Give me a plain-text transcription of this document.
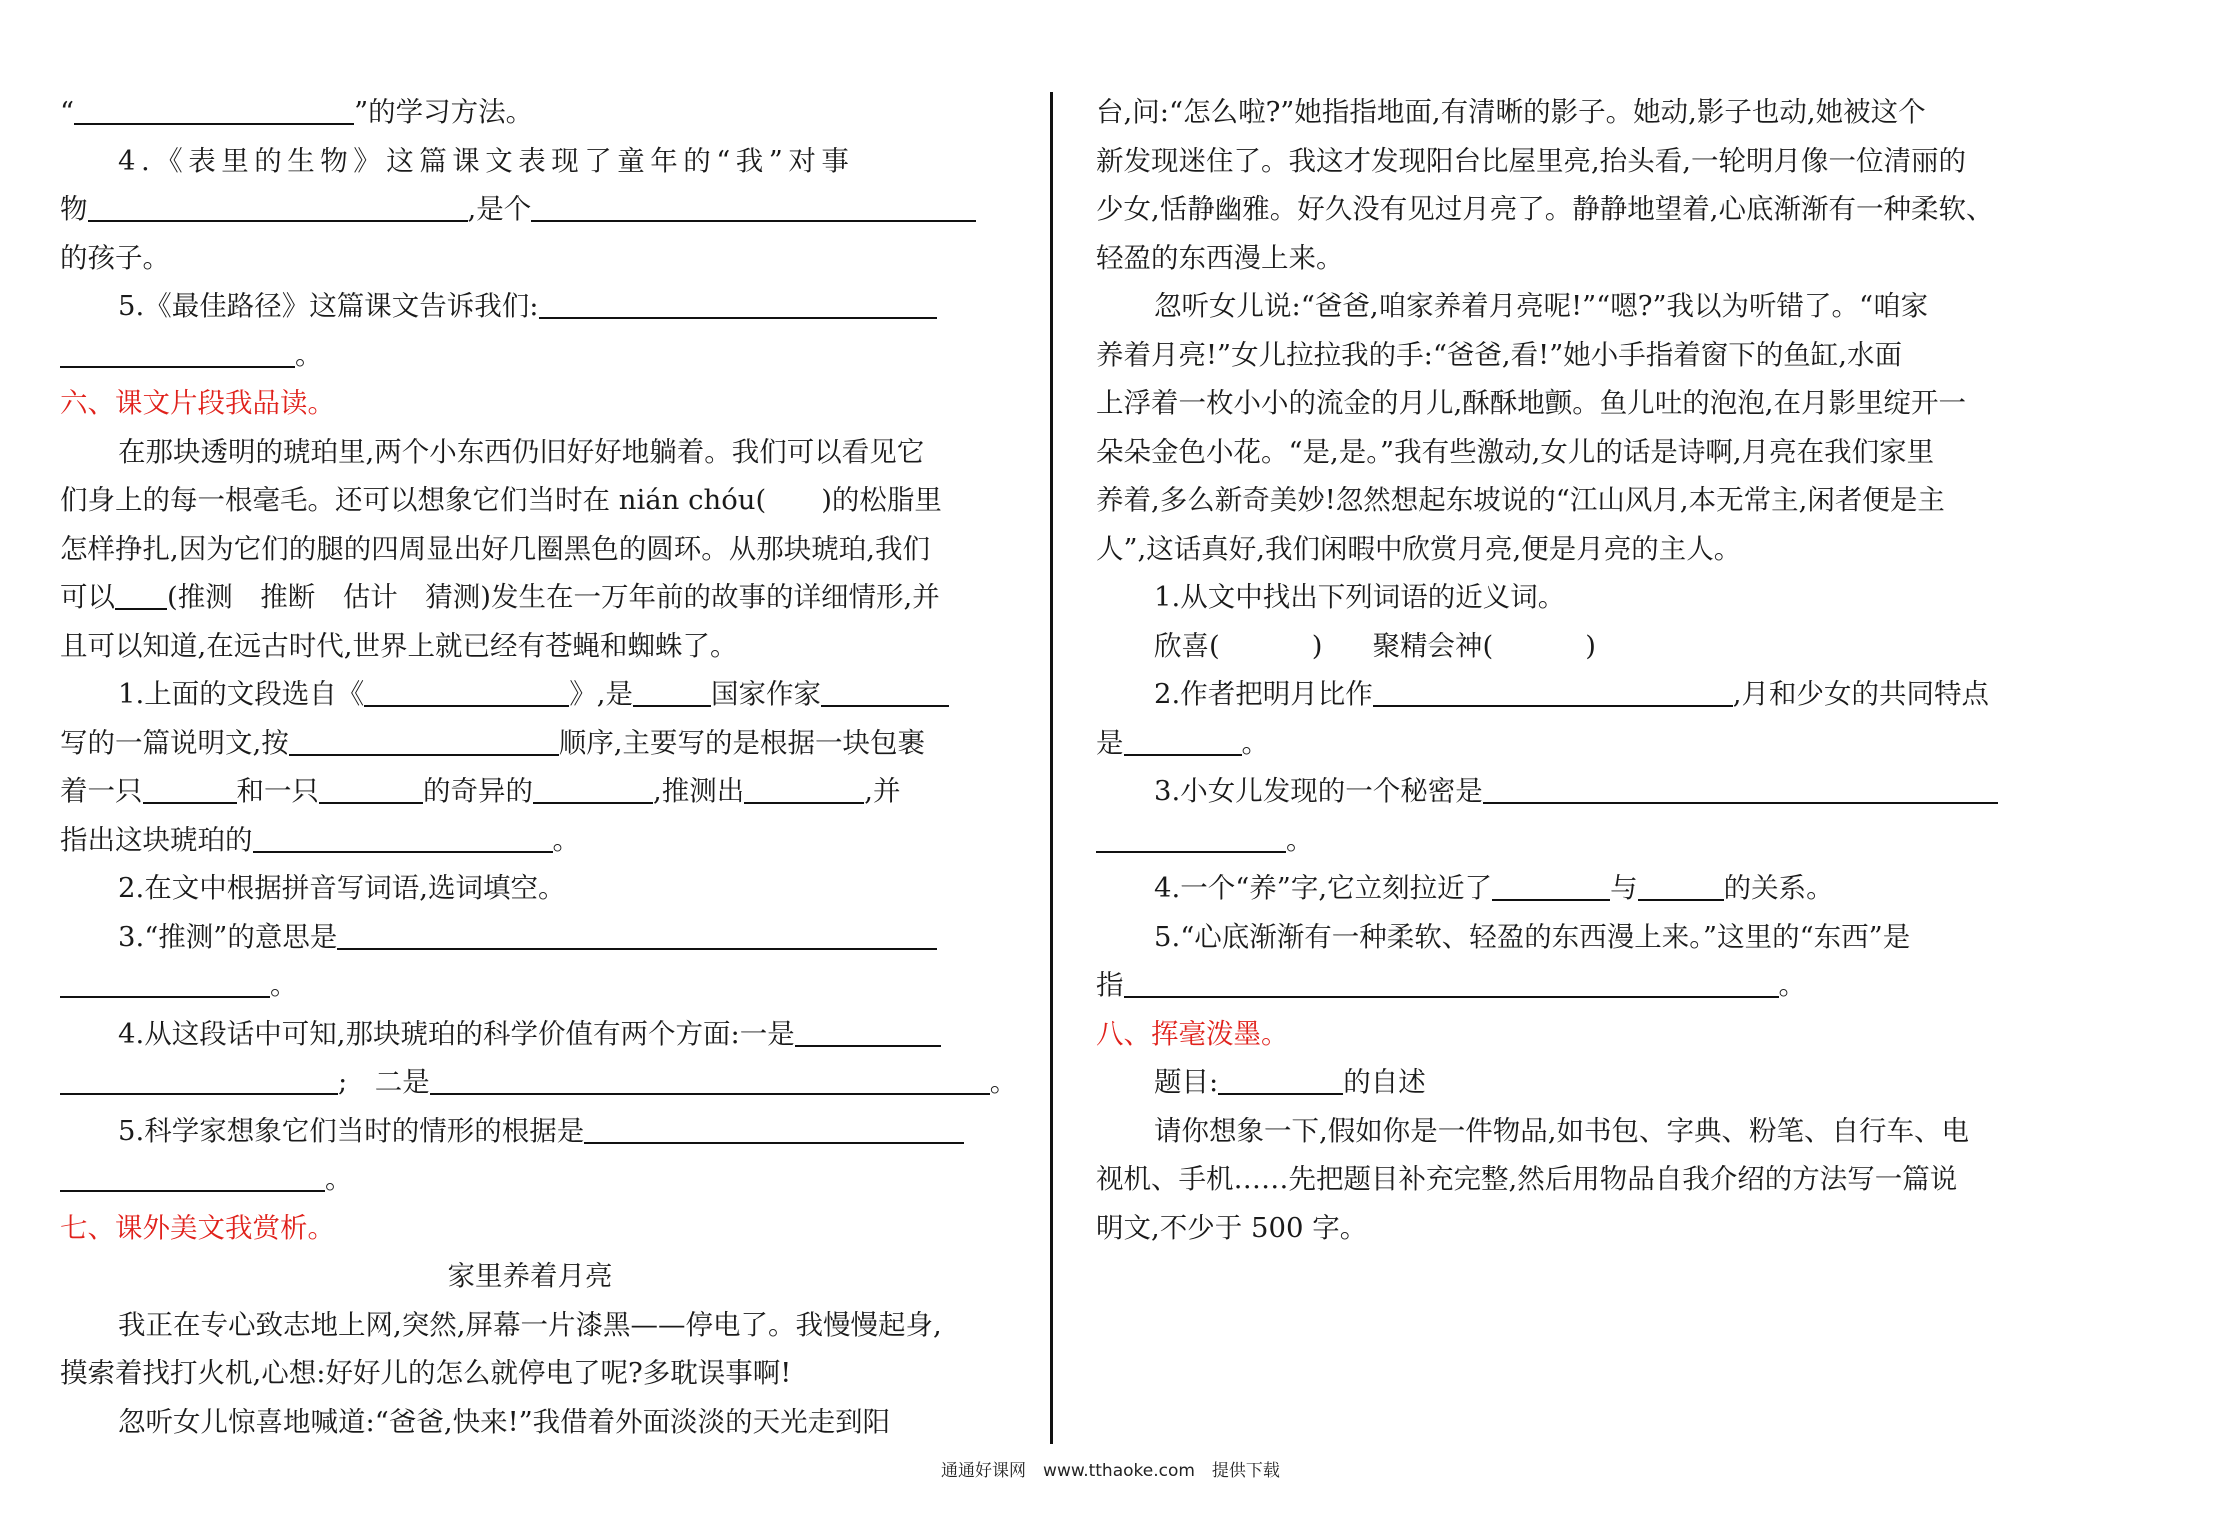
“	”的学习方法。
4.《表里的生物》这篇课文表现了童年的“我”对事
物	,是个
的孩子。
5.《最佳路径》这篇课文告诉我们:
。
六、课文片段我品读。
在那块透明的琥珀里,两个小东西仍旧好好地躺着。我们可以看见它
们身上的每一根毫毛。还可以想象它们当时在 nián chóu(　　)的松脂里
怎样挣扎,因为它们的腿的四周显出好几圈黑色的圆环。从那块琥珀,我们
可以 (推测　推断　估计　猜测)发生在一万年前的故事的详细情形,并
且可以知道,在远古时代,世界上就已经有苍蝇和蜘蛛了。
1.上面的文段选自《	》,是	国家作家
写的一篇说明文,按	顺序,主要写的是根据一块包裹
着一只	和一只	的奇异的	,推测出	,并
指出这块琥珀的	。
2.在文中根据拼音写词语,选词填空。
3.“推测”的意思是
。
4.从这段话中可知,那块琥珀的科学价值有两个方面:一是
;　二是	。
5.科学家想象它们当时的情形的根据是
。
七、课外美文我赏析。
家里养着月亮
我正在专心致志地上网,突然,屏幕一片漆黑——停电了。我慢慢起身,
摸索着找打火机,心想:好好儿的怎么就停电了呢?多耽误事啊!
忽听女儿惊喜地喊道:“爸爸,快来!”我借着外面淡淡的天光走到阳
台,问:“怎么啦?”她指指地面,有清晰的影子。她动,影子也动,她被这个
新发现迷住了。我这才发现阳台比屋里亮,抬头看,一轮明月像一位清丽的
少女,恬静幽雅。好久没有见过月亮了。静静地望着,心底渐渐有一种柔软、
轻盈的东西漫上来。
忽听女儿说:“爸爸,咱家养着月亮呢!”“嗯?”我以为听错了。“咱家
养着月亮!”女儿拉拉我的手:“爸爸,看!”她小手指着窗下的鱼缸,水面
上浮着一枚小小的流金的月儿,酥酥地颤。鱼儿吐的泡泡,在月影里绽开一
朵朵金色小花。“是,是。”我有些激动,女儿的话是诗啊,月亮在我们家里
养着,多么新奇美妙!忽然想起东坡说的“江山风月,本无常主,闲者便是主
人”,这话真好,我们闲暇中欣赏月亮,便是月亮的主人。
1.从文中找出下列词语的近义词。
欣喜(	) 聚精会神(	)
2.作者把明月比作	,月和少女的共同特点
是	。
3.小女儿发现的一个秘密是
。
4.一个“养”字,它立刻拉近了	与	的关系。
5.“心底渐渐有一种柔软、轻盈的东西漫上来。”这里的“东西”是
指	。
八、挥毫泼墨。
题目:	的自述
请你想象一下,假如你是一件物品,如书包、字典、粉笔、自行车、电
视机、手机……先把题目补充完整,然后用物品自我介绍的方法写一篇说
明文,不少于 500 字。
通通好课网　www.tthaoke.com　提供下载
